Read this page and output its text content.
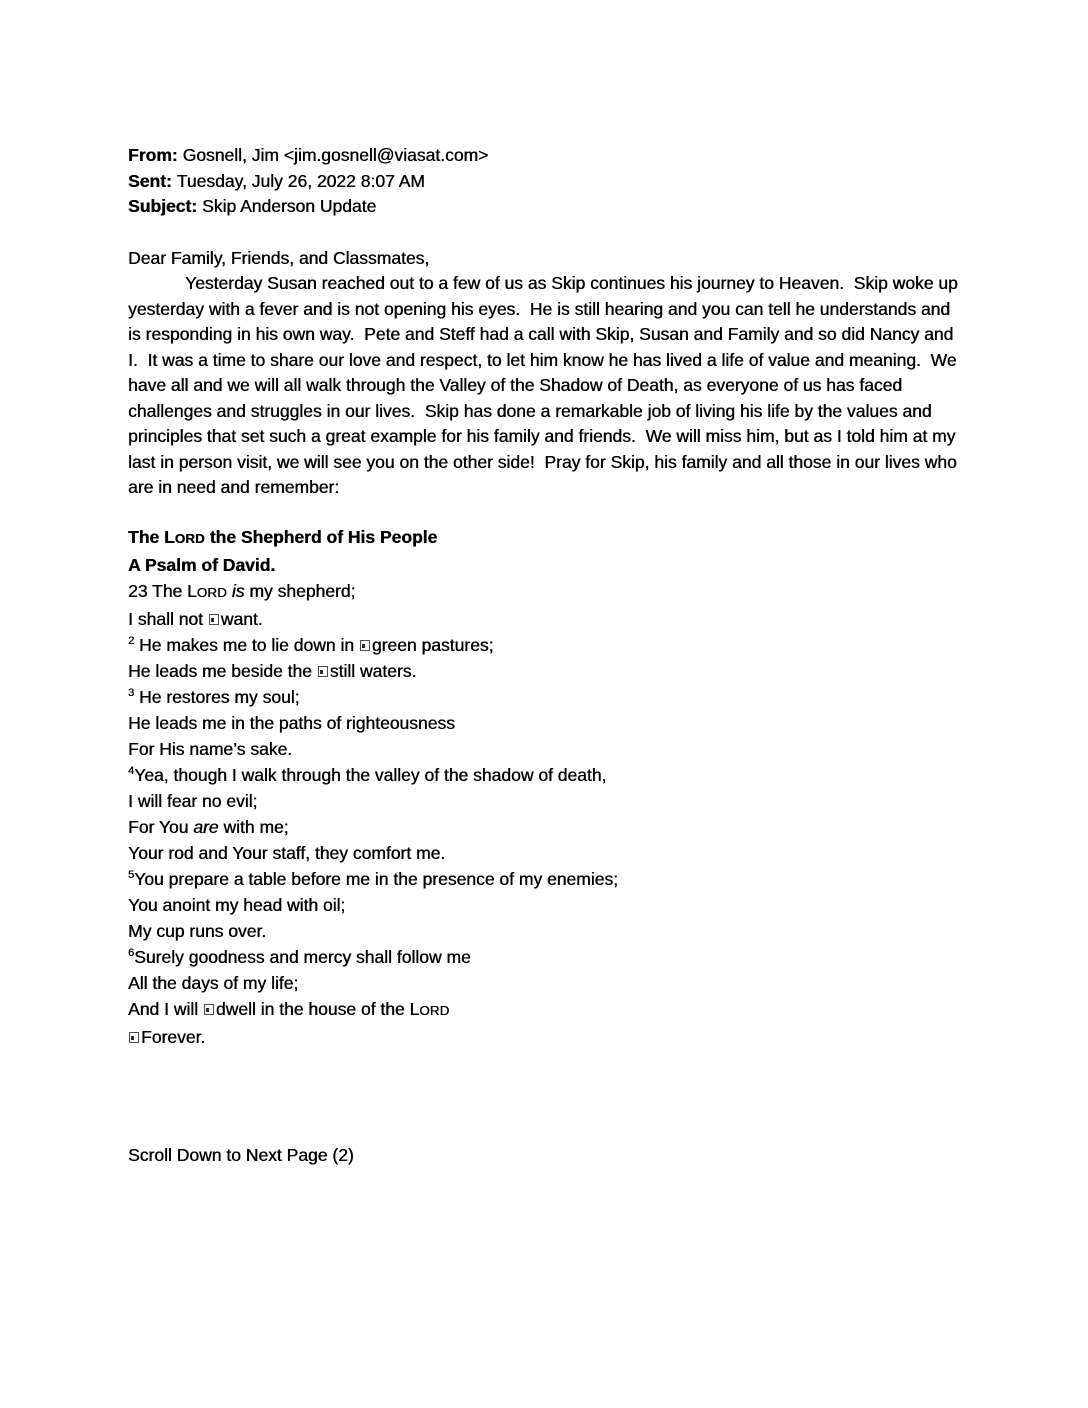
From: Gosnell, Jim <jim.gosnell@viasat.com>
Sent: Tuesday, July 26, 2022 8:07 AM
Subject: Skip Anderson Update

Dear Family, Friends, and Classmates,

Yesterday Susan reached out to a few of us as Skip continues his journey to Heaven.  Skip woke up yesterday with a fever and is not opening his eyes.  He is still hearing and you can tell he understands and is responding in his own way.  Pete and Steff had a call with Skip, Susan and Family and so did Nancy and I.  It was a time to share our love and respect, to let him know he has lived a life of value and meaning.  We have all and we will all walk through the Valley of the Shadow of Death, as everyone of us has faced challenges and struggles in our lives.  Skip has done a remarkable job of living his life by the values and principles that set such a great example for his family and friends.  We will miss him, but as I told him at my last in person visit, we will see you on the other side!  Pray for Skip, his family and all those in our lives who are in need and remember:

The LORD the Shepherd of His People
A Psalm of David.
23 The LORD is my shepherd;
I shall not want.
$^2$ He makes me to lie down in green pastures;
He leads me beside the still waters.
$^3$ He restores my soul;
He leads me in the paths of righteousness
For His name’s sake.
$^4$Yea, though I walk through the valley of the shadow of death,
I will fear no evil;
For You are with me;
Your rod and Your staff, they comfort me.
$^5$You prepare a table before me in the presence of my enemies;
You anoint my head with oil;
My cup runs over.
$^6$Surely goodness and mercy shall follow me
All the days of my life;
And I will dwell in the house of the LORD
Forever.

Scroll Down to Next Page (2)
